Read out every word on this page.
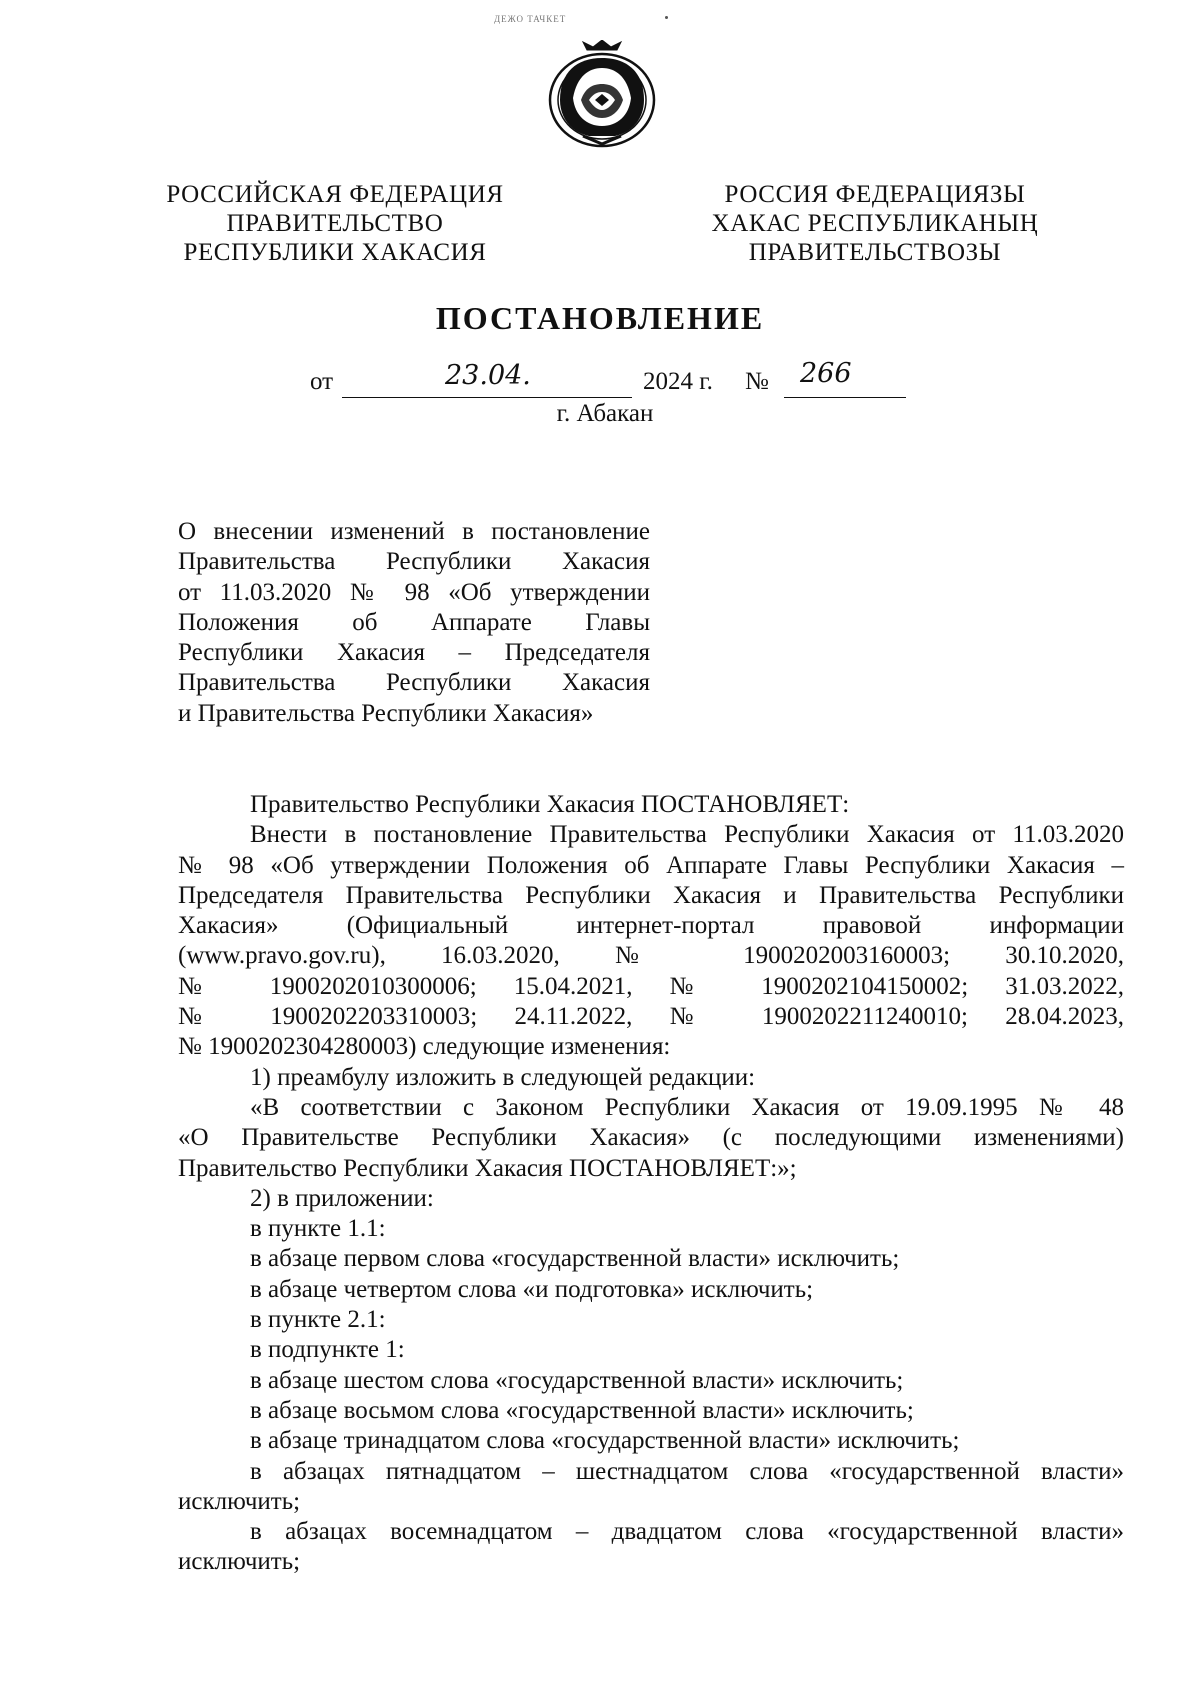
ДЕЖО ТАЧКЕТ
РОССИЙСКАЯ ФЕДЕРАЦИЯ
ПРАВИТЕЛЬСТВО
РЕСПУБЛИКИ ХАКАСИЯ
РОССИЯ ФЕДЕРАЦИЯЗЫ
ХАКАС РЕСПУБЛИКАНЫҢ
ПРАВИТЕЛЬСТВОЗЫ
ПОСТАНОВЛЕНИЕ
от	23.04.	2024 г. № 266
г. Абакан
О внесении изменений в постановление
Правительства Республики Хакасия
от 11.03.2020 № 98 «Об утверждении
Положения об Аппарате Главы
Республики Хакасия – Председателя
Правительства Республики Хакасия
и Правительства Республики Хакасия»

Правительство Республики Хакасия ПОСТАНОВЛЯЕТ:

Внести в постановление Правительства Республики Хакасия от 11.03.2020

№ 98 «Об утверждении Положения об Аппарате Главы Республики Хакасия –

Председателя Правительства Республики Хакасия и Правительства Республики

Хакасия» (Официальный интернет-портал правовой информации

(www.pravo.gov.ru), 16.03.2020, № 1900202003160003; 30.10.2020,

№ 1900202010300006; 15.04.2021, № 1900202104150002; 31.03.2022,

№ 1900202203310003; 24.11.2022, № 1900202211240010; 28.04.2023,

№ 1900202304280003) следующие изменения:

1) преамбулу изложить в следующей редакции:

«В соответствии с Законом Республики Хакасия от 19.09.1995 № 48

«О Правительстве Республики Хакасия» (с последующими изменениями)

Правительство Республики Хакасия ПОСТАНОВЛЯЕТ:»;

2) в приложении:

в пункте 1.1:

в абзаце первом слова «государственной власти» исключить;

в абзаце четвертом слова «и подготовка» исключить;

в пункте 2.1:

в подпункте 1:

в абзаце шестом слова «государственной власти» исключить;

в абзаце восьмом слова «государственной власти» исключить;

в абзаце тринадцатом слова «государственной власти» исключить;

в абзацах пятнадцатом – шестнадцатом слова «государственной власти»

исключить;

в абзацах восемнадцатом – двадцатом слова «государственной власти»

исключить;
